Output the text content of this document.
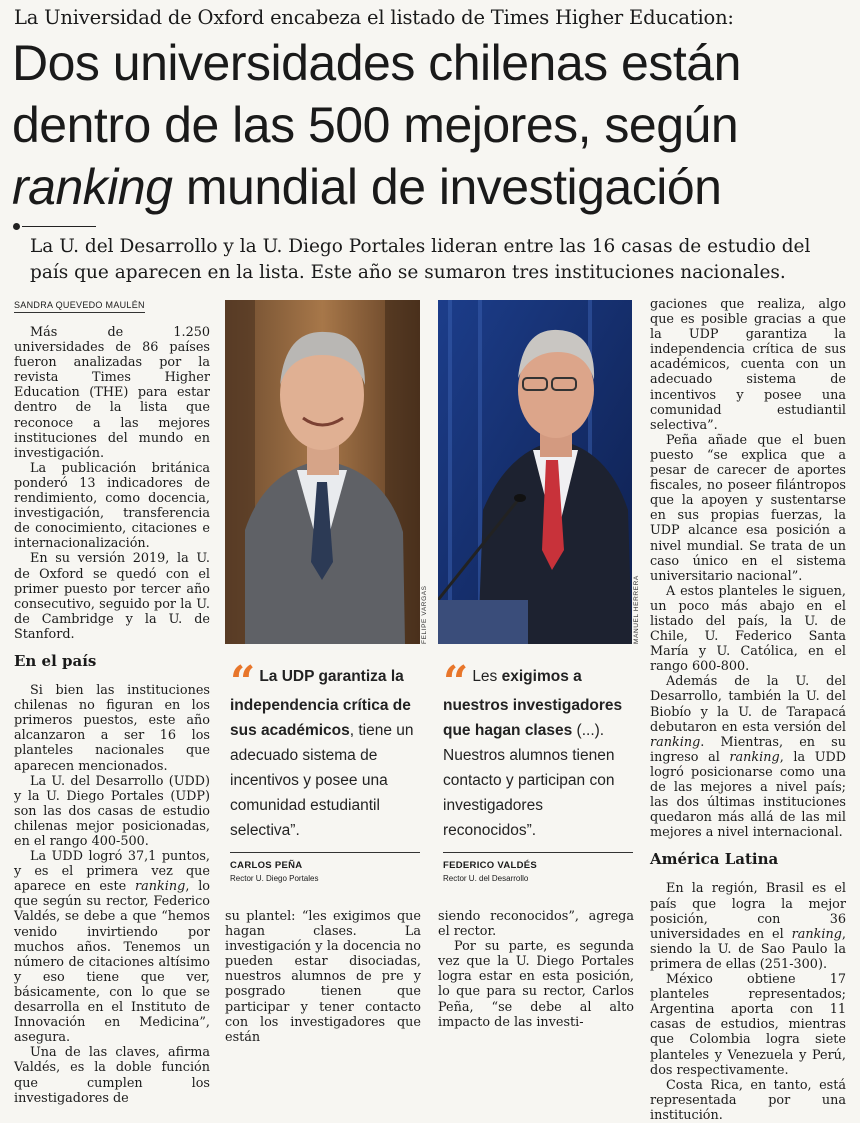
La Universidad de Oxford encabeza el listado de Times Higher Education:
Dos universidades chilenas están
dentro de las 500 mejores, según
ranking mundial de investigación
La U. del Desarrollo y la U. Diego Portales lideran entre las 16 casas de estudio del país que aparecen en la lista. Este año se sumaron tres instituciones nacionales.
SANDRA QUEVEDO MAULÉN

Más de 1.250 universidades de 86 países fueron analizadas por la revista Times Higher Education (THE) para estar dentro de la lista que reconoce a las mejores instituciones del mundo en investigación.

La publicación británica ponderó 13 indicadores de rendimiento, como docencia, investigación, transferencia de conocimiento, citaciones e internacionalización.

En su versión 2019, la U. de Oxford se quedó con el primer puesto por tercer año consecutivo, seguido por la U. de Cambridge y la U. de Stanford.

En el país

Si bien las instituciones chilenas no figuran en los primeros puestos, este año alcanzaron a ser 16 los planteles nacionales que aparecen mencionados.

La U. del Desarrollo (UDD) y la U. Diego Portales (UDP) son las dos casas de estudio chilenas mejor posicionadas, en el rango 400-500.

La UDD logró 37,1 puntos, y es el primera vez que aparece en este ranking, lo que según su rector, Federico Valdés, se debe a que “hemos venido invirtiendo por muchos años. Tenemos un número de citaciones altísimo y eso tiene que ver, básicamente, con lo que se desarrolla en el Instituto de Innovación en Medicina”, asegura.

Una de las claves, afirma Valdés, es la doble función que cumplen los investigadores de

FELIPE VARGAS	MANUEL HERRERA
“ La UDP garantiza la independencia crítica de sus académicos, tiene un adecuado sistema de incentivos y posee una comunidad estudiantil selectiva”.
CARLOS PEÑA
Rector U. Diego Portales
“ Les exigimos a nuestros investigadores que hagan clases (...). Nuestros alumnos tienen contacto y participan con investigadores reconocidos”.
FEDERICO VALDÉS
Rector U. del Desarrollo

su plantel: “les exigimos que hagan clases. La investigación y la docencia no pueden estar disociadas, nuestros alumnos de pre y posgrado tienen que participar y tener contacto con los investigadores que están

siendo reconocidos”, agrega el rector.

Por su parte, es segunda vez que la U. Diego Portales logra estar en esta posición, lo que para su rector, Carlos Peña, “se debe al alto impacto de las investi-

gaciones que realiza, algo que es posible gracias a que la UDP garantiza la independencia crítica de sus académicos, cuenta con un adecuado sistema de incentivos y posee una comunidad estudiantil selectiva”.

Peña añade que el buen puesto “se explica que a pesar de carecer de aportes fiscales, no poseer filántropos que la apoyen y sustentarse en sus propias fuerzas, la UDP alcance esa posición a nivel mundial. Se trata de un caso único en el sistema universitario nacional”.

A estos planteles le siguen, un poco más abajo en el listado del país, la U. de Chile, U. Federico Santa María y U. Católica, en el rango 600-800.

Además de la U. del Desarrollo, también la U. del Biobío y la U. de Tarapacá debutaron en esta versión del ranking. Mientras, en su ingreso al ranking, la UDD logró posicionarse como una de las mejores a nivel país; las dos últimas instituciones quedaron más allá de las mil mejores a nivel internacional.

América Latina

En la región, Brasil es el país que logra la mejor posición, con 36 universidades en el ranking, siendo la U. de Sao Paulo la primera de ellas (251-300).

México obtiene 17 planteles representados; Argentina aporta con 11 casas de estudios, mientras que Colombia logra siete planteles y Venezuela y Perú, dos respectivamente.

Costa Rica, en tanto, está representada por una institución.
